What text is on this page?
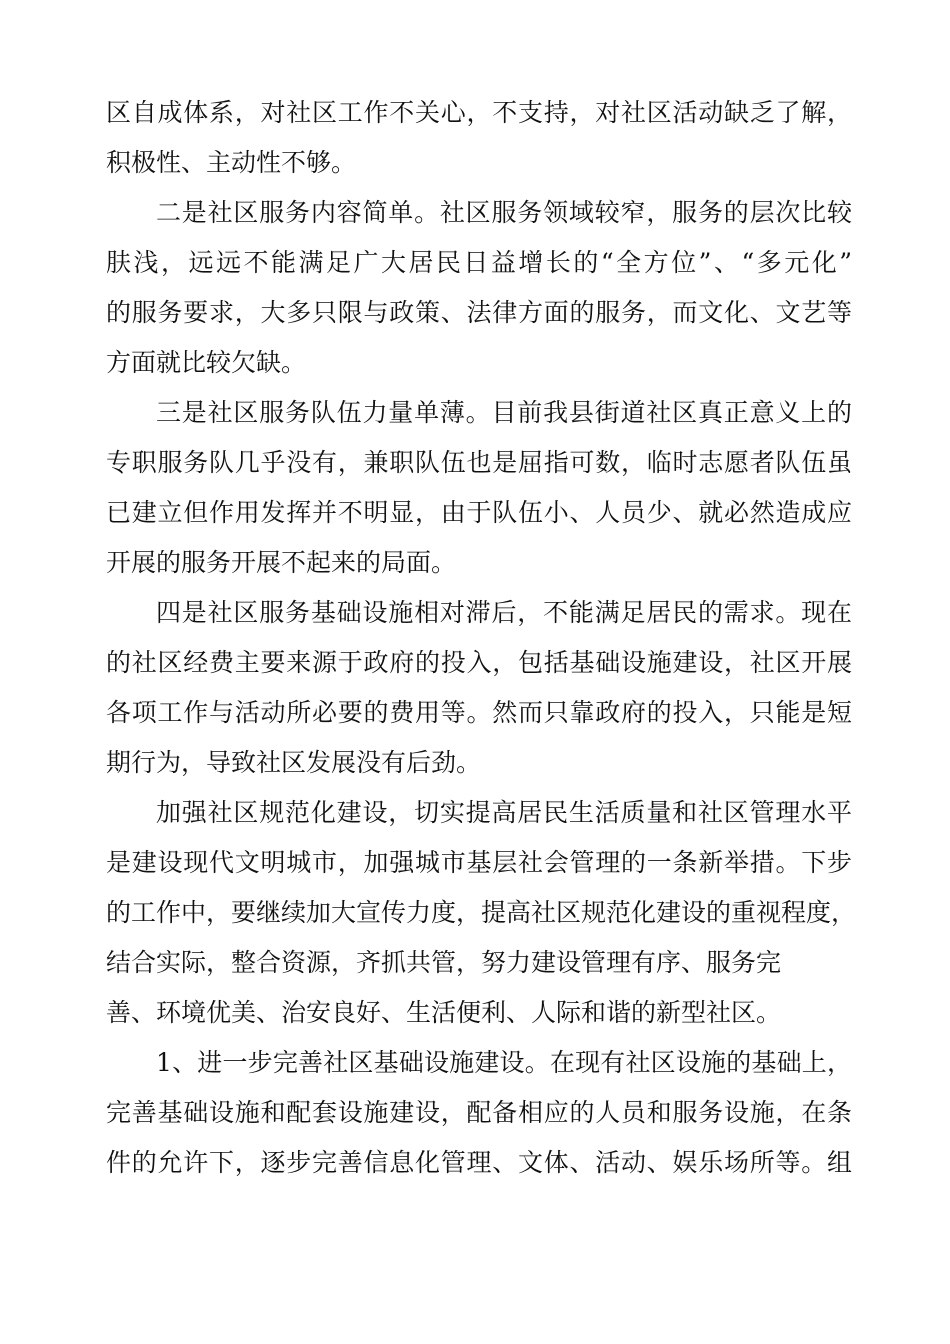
区自成体系，对社区工作不关心，不支持，对社区活动缺乏了解，
积极性、主动性不够。
二是社区服务内容简单。社区服务领域较窄，服务的层次比较
肤浅，远远不能满足广大居民日益增长的“全方位”、“多元化”
的服务要求，大多只限与政策、法律方面的服务，而文化、文艺等
方面就比较欠缺。
三是社区服务队伍力量单薄。目前我县街道社区真正意义上的
专职服务队几乎没有，兼职队伍也是屈指可数，临时志愿者队伍虽
已建立但作用发挥并不明显，由于队伍小、人员少、就必然造成应
开展的服务开展不起来的局面。
四是社区服务基础设施相对滞后，不能满足居民的需求。现在
的社区经费主要来源于政府的投入，包括基础设施建设，社区开展
各项工作与活动所必要的费用等。然而只靠政府的投入，只能是短
期行为，导致社区发展没有后劲。
加强社区规范化建设，切实提高居民生活质量和社区管理水平
是建设现代文明城市，加强城市基层社会管理的一条新举措。下步
的工作中，要继续加大宣传力度，提高社区规范化建设的重视程度，
结合实际，整合资源，齐抓共管，努力建设管理有序、服务完
善、环境优美、治安良好、生活便利、人际和谐的新型社区。
1、进一步完善社区基础设施建设。在现有社区设施的基础上，
完善基础设施和配套设施建设，配备相应的人员和服务设施，在条
件的允许下，逐步完善信息化管理、文体、活动、娱乐场所等。组
